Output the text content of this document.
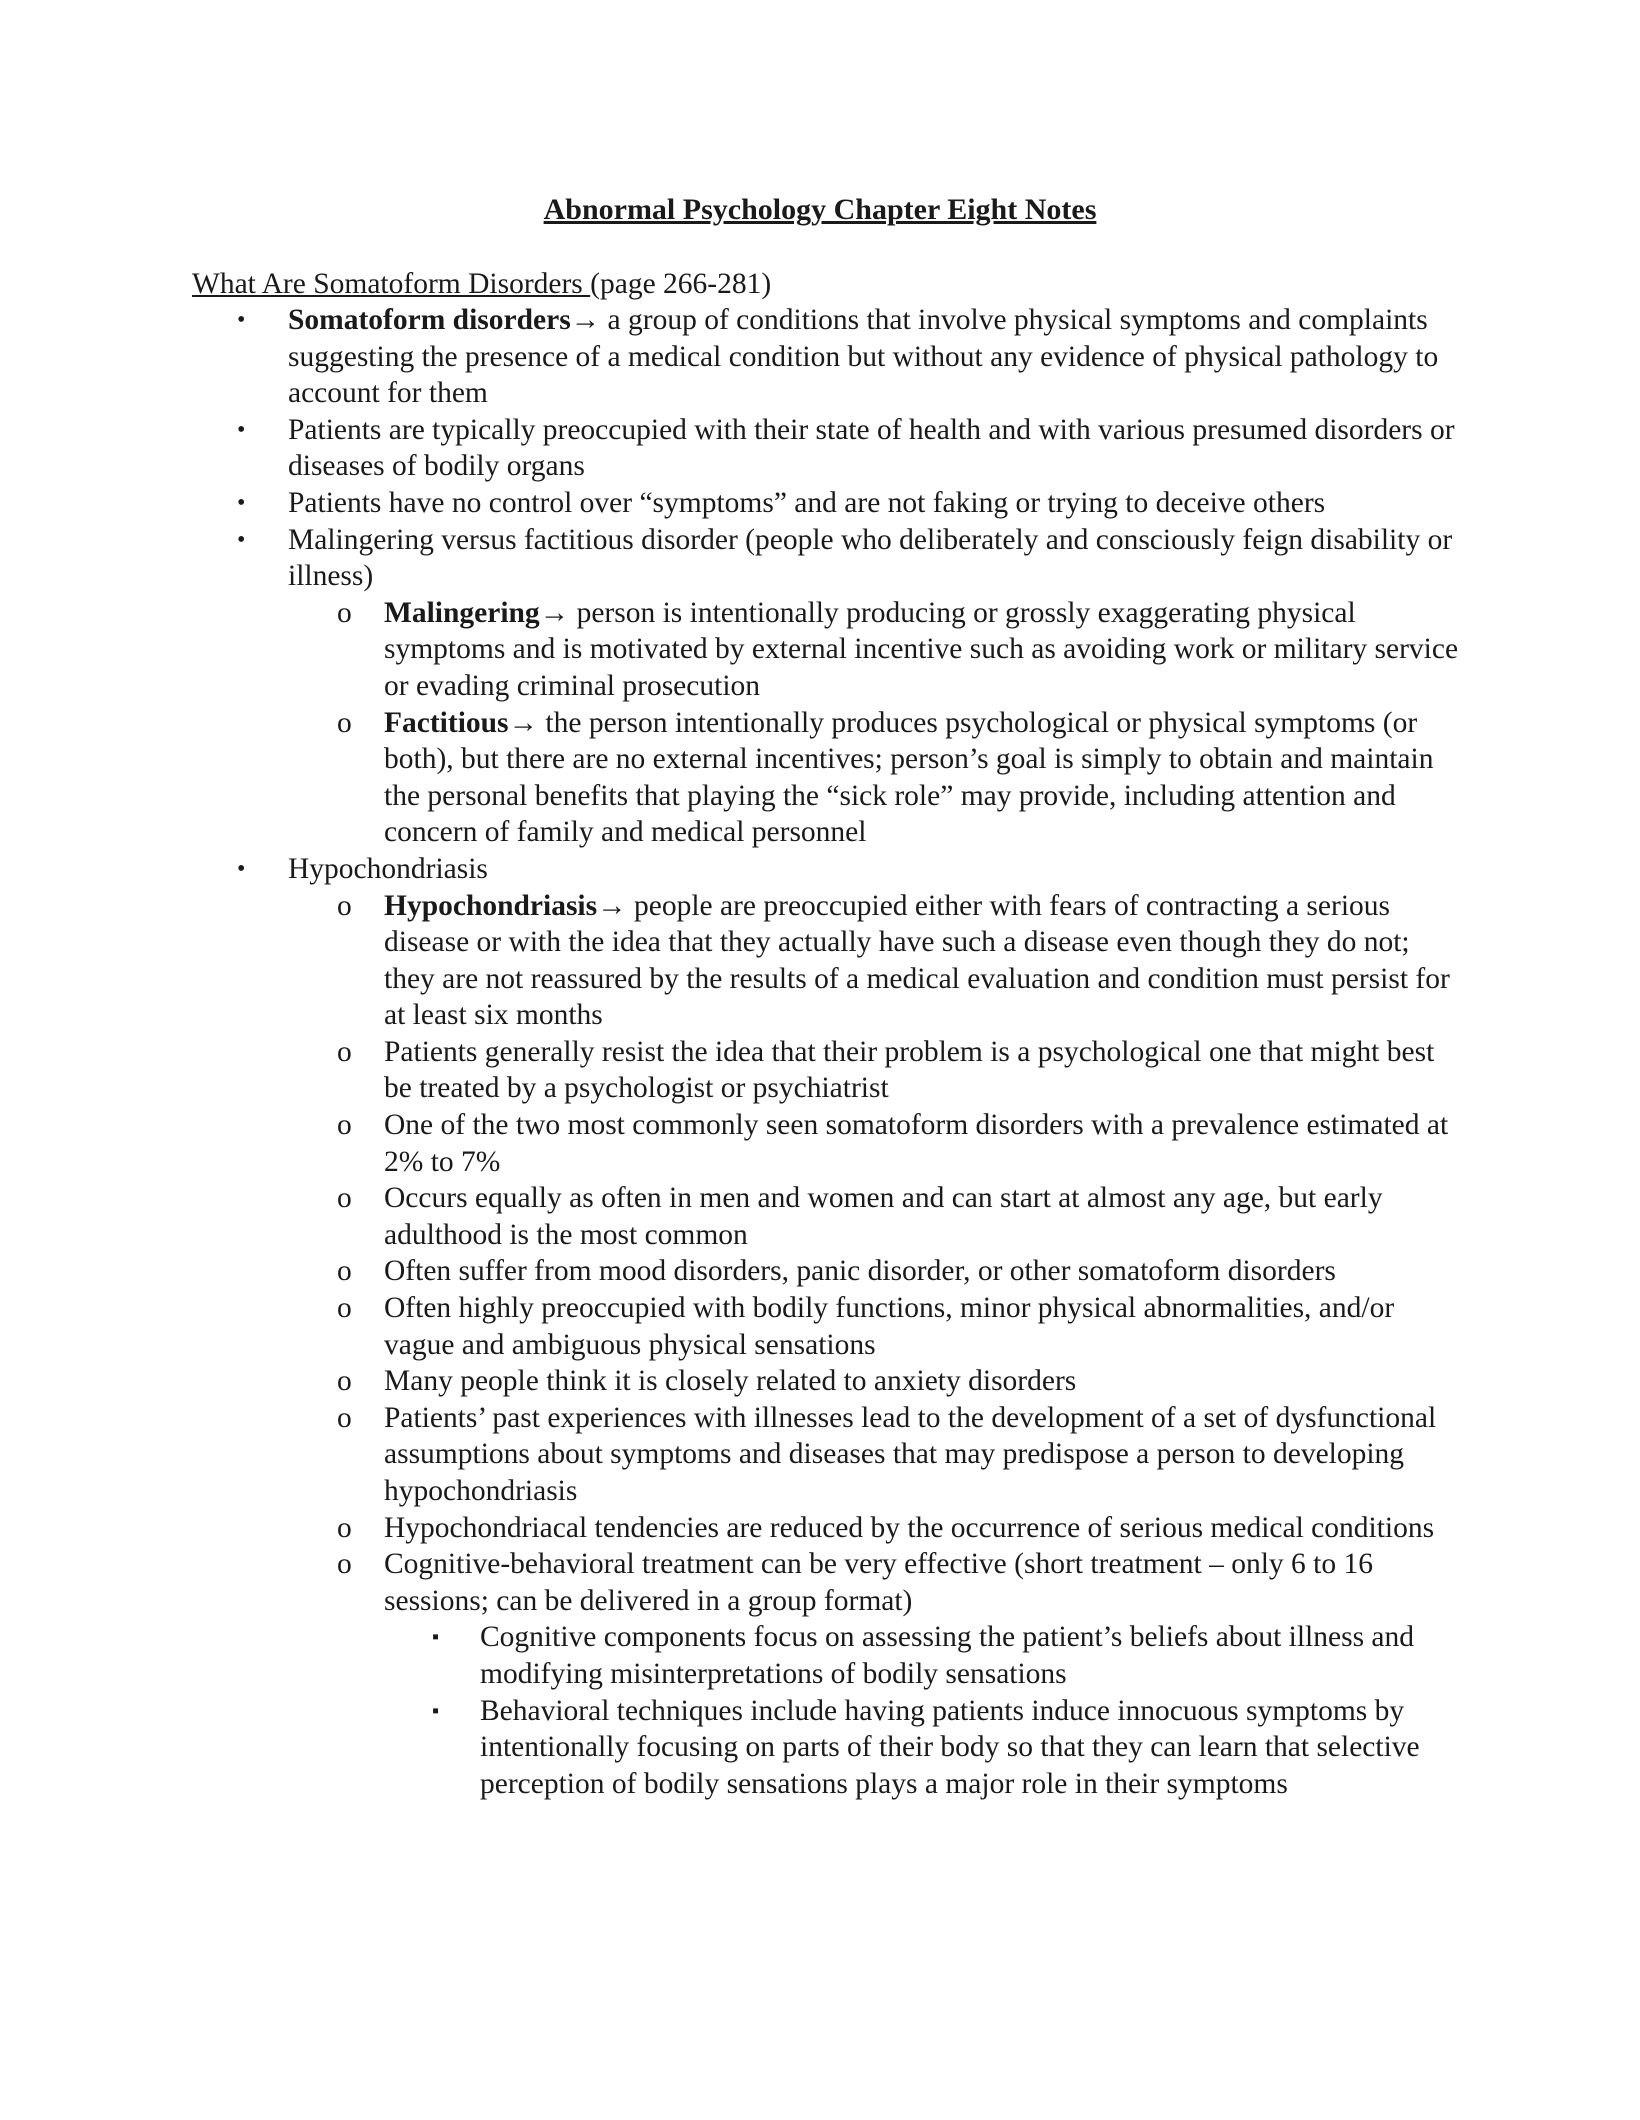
Abnormal Psychology Chapter Eight Notes
What Are Somatoform Disorders (page 266-281)
• Somatoform disorders→ a group of conditions that involve physical symptoms and complaints suggesting the presence of a medical condition but without any evidence of physical pathology to account for them
• Patients are typically preoccupied with their state of health and with various presumed disorders or diseases of bodily organs
• Patients have no control over “symptoms” and are not faking or trying to deceive others
• Malingering versus factitious disorder (people who deliberately and consciously feign disability or illness)
o Malingering→ person is intentionally producing or grossly exaggerating physical symptoms and is motivated by external incentive such as avoiding work or military service or evading criminal prosecution
o Factitious→ the person intentionally produces psychological or physical symptoms (or both), but there are no external incentives; person’s goal is simply to obtain and maintain the personal benefits that playing the “sick role” may provide, including attention and concern of family and medical personnel
• Hypochondriasis
o Hypochondriasis→ people are preoccupied either with fears of contracting a serious disease or with the idea that they actually have such a disease even though they do not; they are not reassured by the results of a medical evaluation and condition must persist for at least six months
o Patients generally resist the idea that their problem is a psychological one that might best be treated by a psychologist or psychiatrist
o One of the two most commonly seen somatoform disorders with a prevalence estimated at 2% to 7%
o Occurs equally as often in men and women and can start at almost any age, but early adulthood is the most common
o Often suffer from mood disorders, panic disorder, or other somatoform disorders
o Often highly preoccupied with bodily functions, minor physical abnormalities, and/or vague and ambiguous physical sensations
o Many people think it is closely related to anxiety disorders
o Patients’ past experiences with illnesses lead to the development of a set of dysfunctional assumptions about symptoms and diseases that may predispose a person to developing hypochondriasis
o Hypochondriacal tendencies are reduced by the occurrence of serious medical conditions
o Cognitive-behavioral treatment can be very effective (short treatment – only 6 to 16 sessions; can be delivered in a group format)
▪ Cognitive components focus on assessing the patient’s beliefs about illness and modifying misinterpretations of bodily sensations
▪ Behavioral techniques include having patients induce innocuous symptoms by intentionally focusing on parts of their body so that they can learn that selective perception of bodily sensations plays a major role in their symptoms
